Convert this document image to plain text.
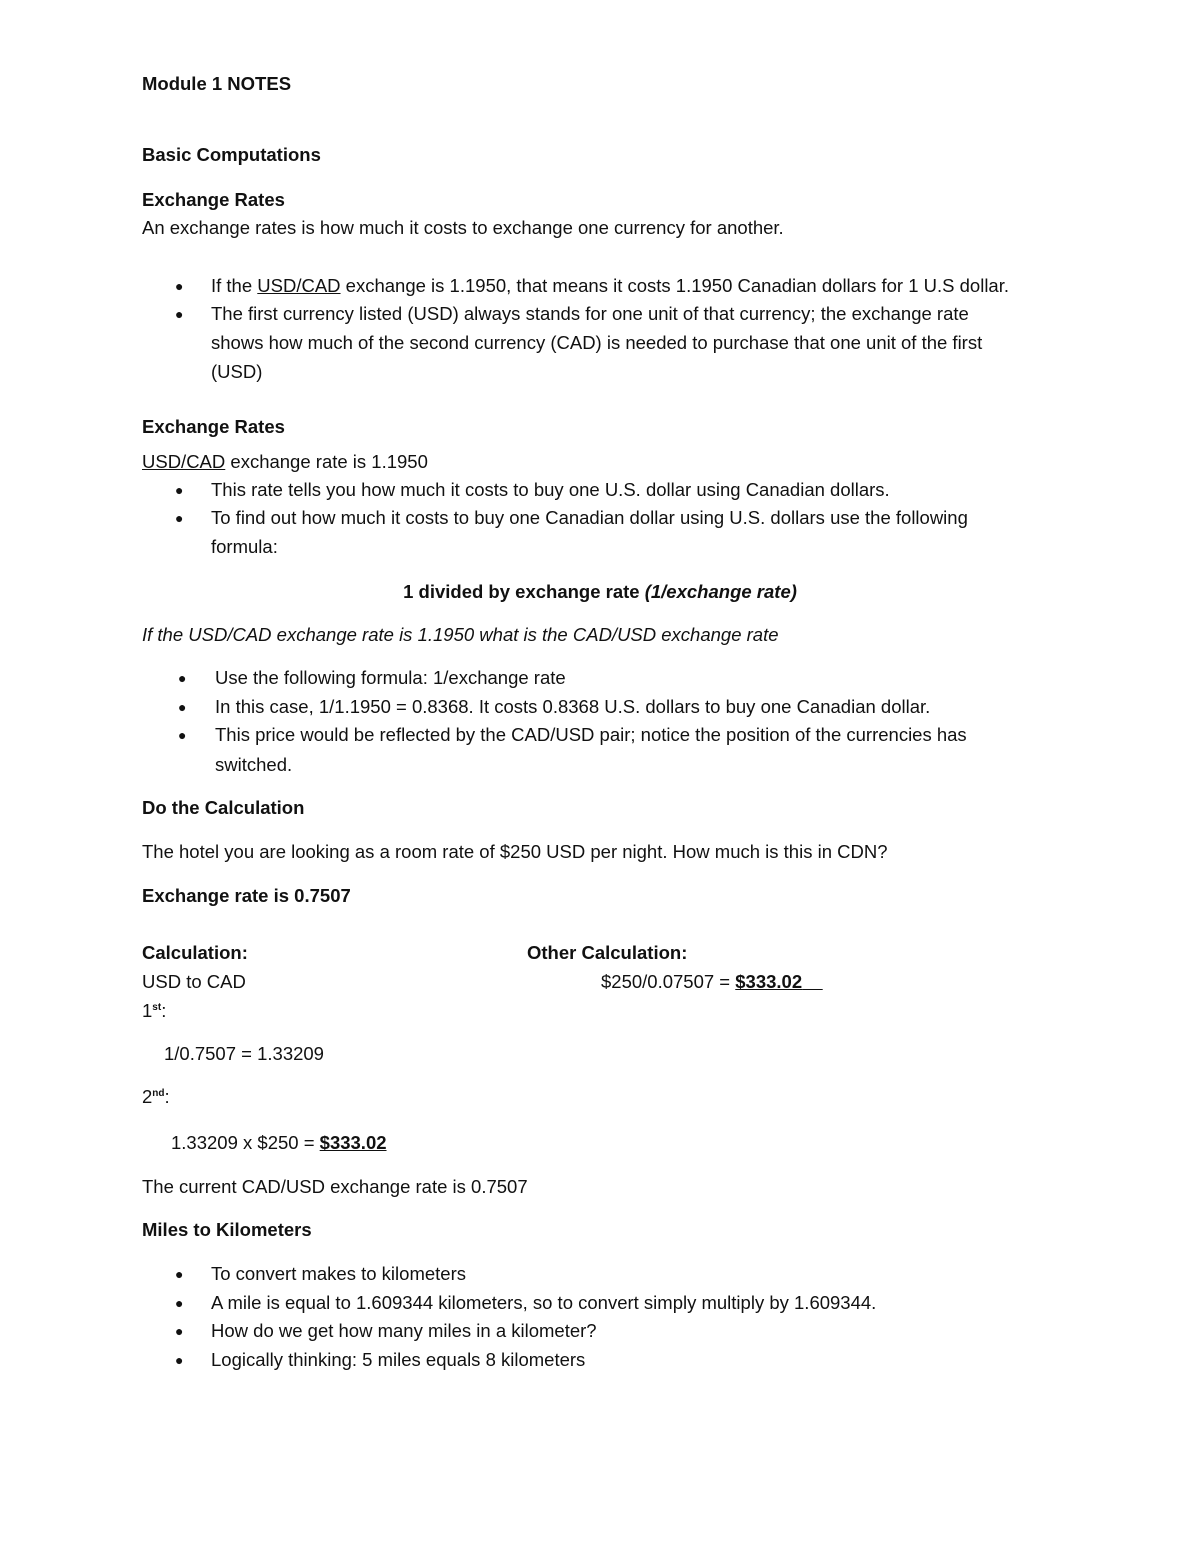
Module 1 NOTES
Basic Computations
Exchange Rates
An exchange rates is how much it costs to exchange one currency for another.
● If the USD/CAD exchange is 1.1950, that means it costs 1.1950 Canadian dollars for 1 U.S dollar.
● The first currency listed (USD) always stands for one unit of that currency; the exchange rate
shows how much of the second currency (CAD) is needed to purchase that one unit of the first
(USD)
Exchange Rates
USD/CAD exchange rate is 1.1950
● This rate tells you how much it costs to buy one U.S. dollar using Canadian dollars.
● To find out how much it costs to buy one Canadian dollar using U.S. dollars use the following
formula:
1 divided by exchange rate (1/exchange rate)
If the USD/CAD exchange rate is 1.1950 what is the CAD/USD exchange rate
● Use the following formula: 1/exchange rate
● In this case, 1/1.1950 = 0.8368. It costs 0.8368 U.S. dollars to buy one Canadian dollar.
● This price would be reflected by the CAD/USD pair; notice the position of the currencies has
switched.
Do the Calculation
The hotel you are looking as a room rate of $250 USD per night. How much is this in CDN?
Exchange rate is 0.7507
Calculation:	Other Calculation:
USD to CAD	$250/0.07507 = $333.02
1st:
1/0.7507 = 1.33209
2nd:
1.33209 x $250 = $333.02
The current CAD/USD exchange rate is 0.7507
Miles to Kilometers
● To convert makes to kilometers
● A mile is equal to 1.609344 kilometers, so to convert simply multiply by 1.609344.
● How do we get how many miles in a kilometer?
● Logically thinking: 5 miles equals 8 kilometers
